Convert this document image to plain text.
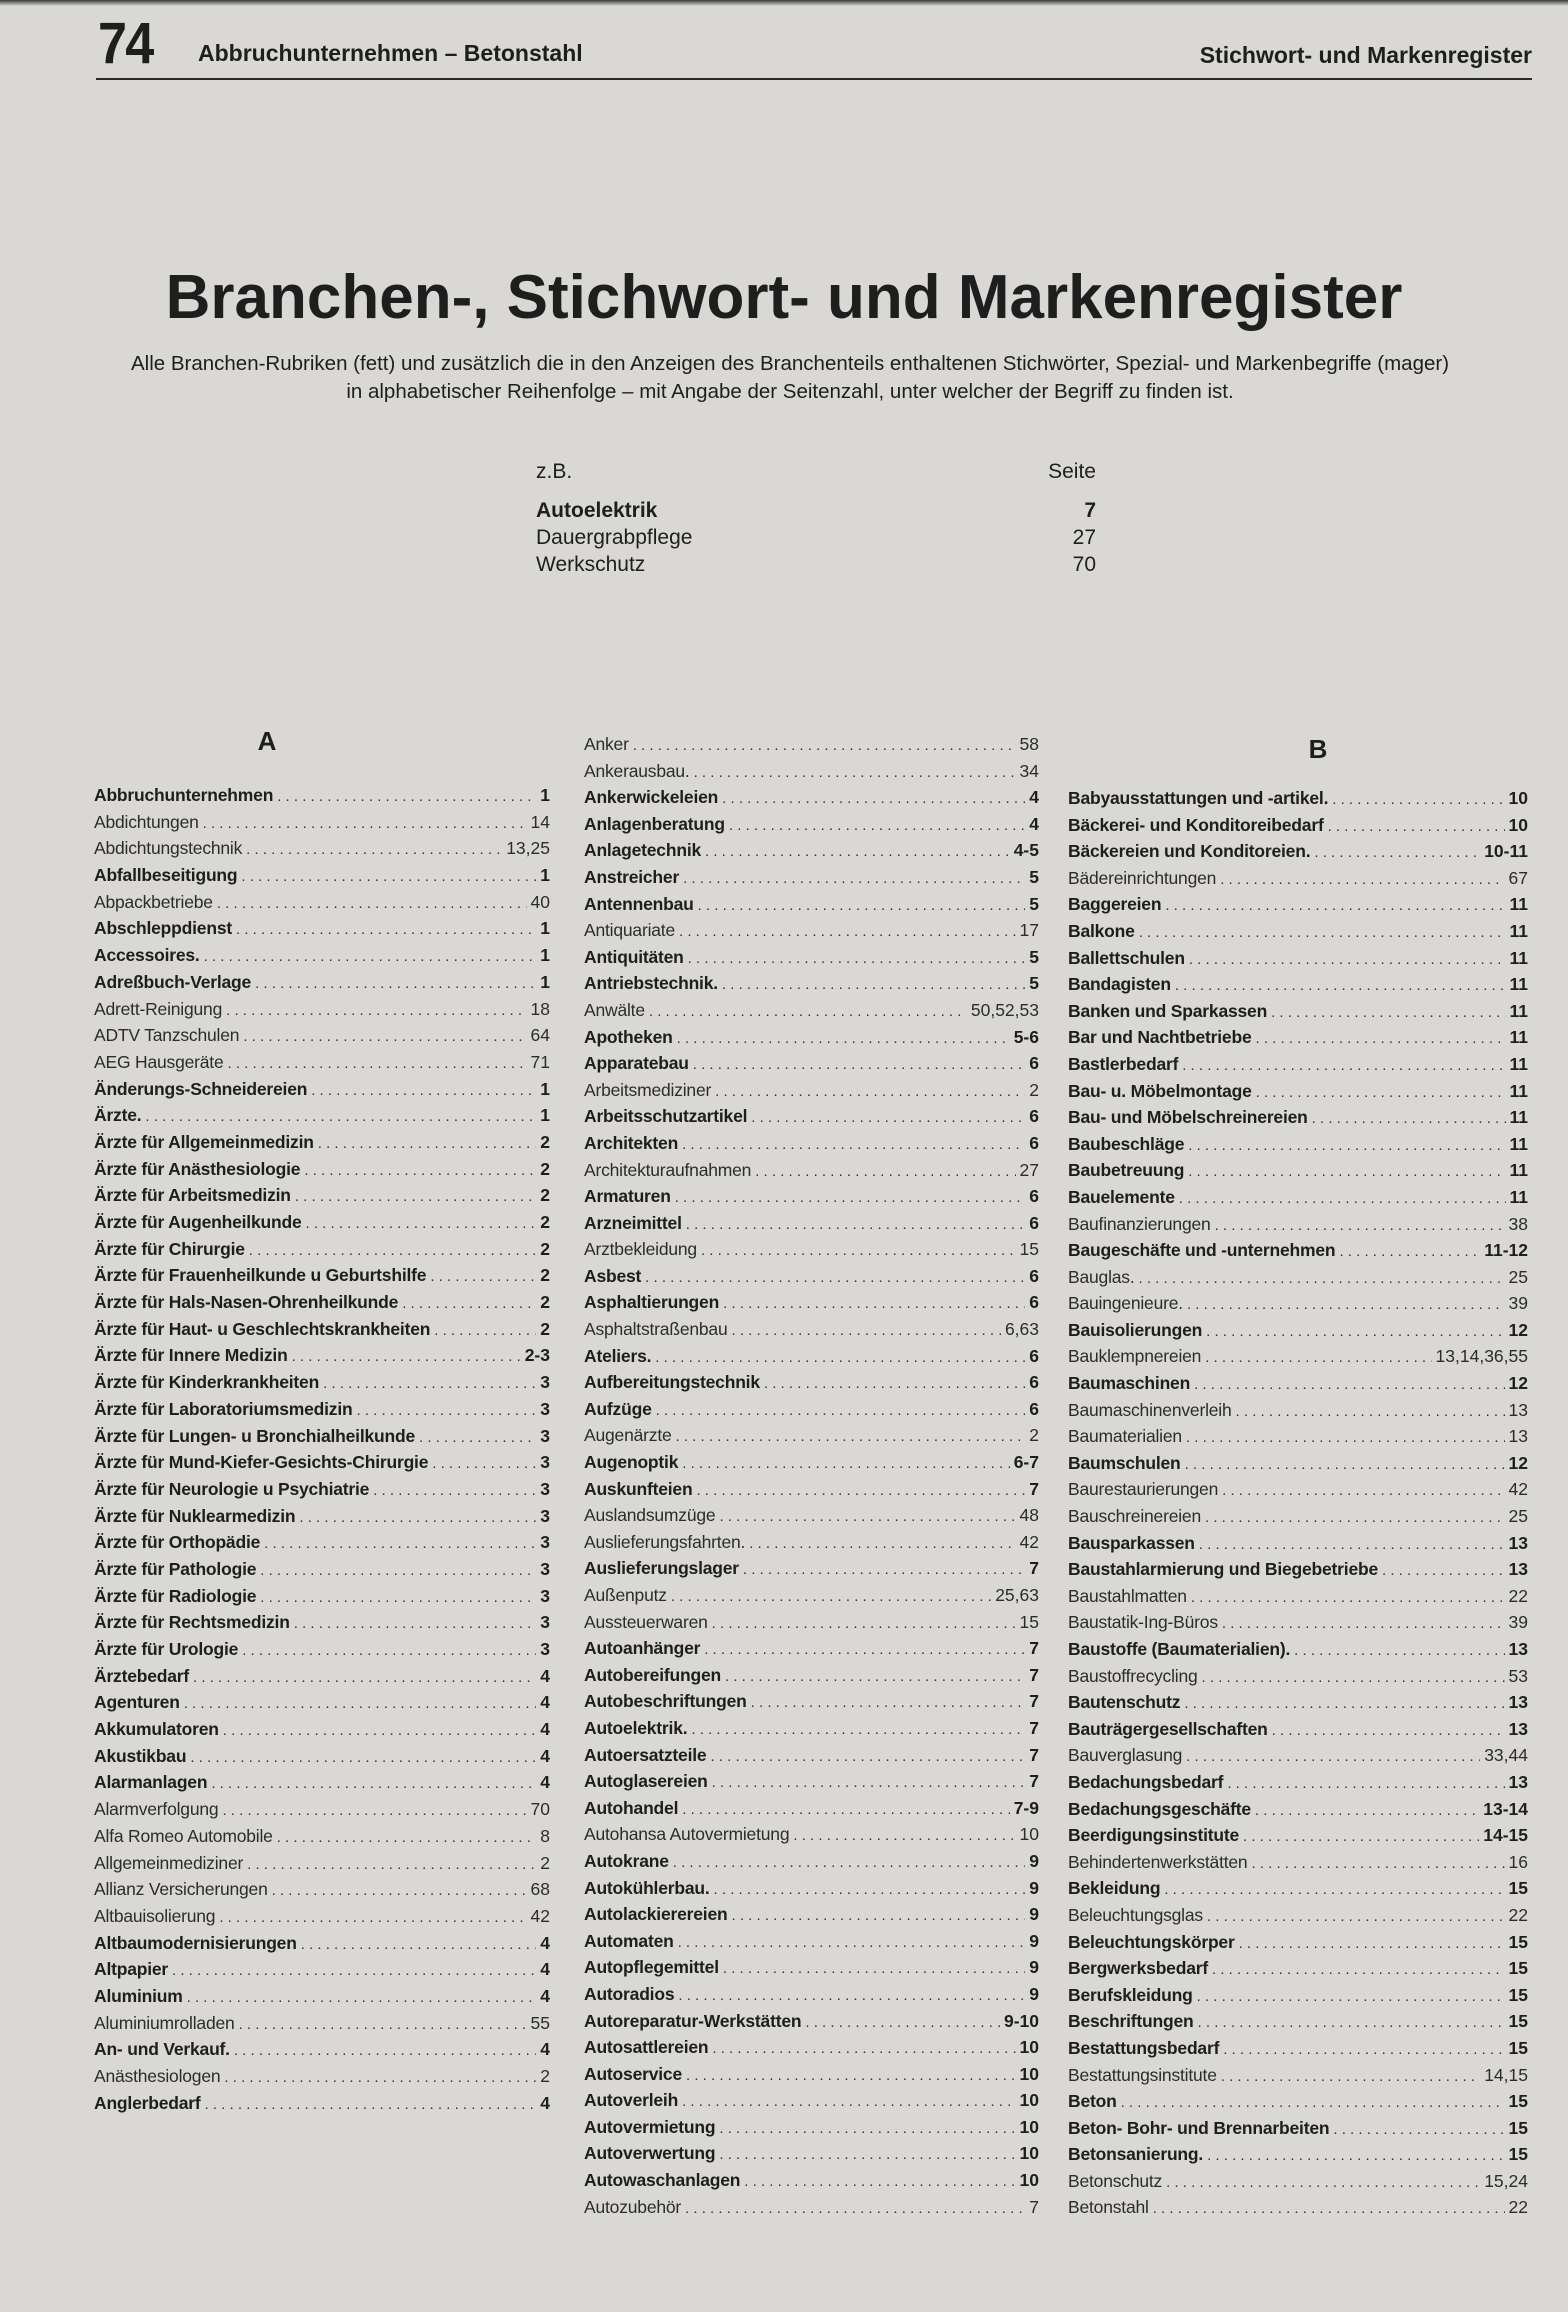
74 Abbruchunternehmen – Betonstahl	Stichwort- und Markenregister
Branchen-, Stichwort- und Markenregister
Alle Branchen-Rubriken (fett) und zusätzlich die in den Anzeigen des Branchenteils enthaltenen Stichwörter, Spezial- und Markenbegriffe (mager)
in alphabetischer Reihenfolge – mit Angabe der Seitenzahl, unter welcher der Begriff zu finden ist.
z.B.	Seite
Autoelektrik	7
Dauergrabpflege	27
Werkschutz	70
A
Abbruchunternehmen . . .	1
Abdichtungen . . .	14
Abdichtungstechnik . . .	13,25
Abfallbeseitigung . . .	1
Abpackbetriebe . . .	40
Abschleppdienst . . .	1
Accessoires. . . .	1
Adreßbuch-Verlage . . .	1
Adrett-Reinigung . . .	18
ADTV Tanzschulen . . .	64
AEG Hausgeräte . . .	71
Änderungs-Schneidereien . . .	1
Ärzte. . . .	1
Ärzte für Allgemeinmedizin . . .	2
Ärzte für Anästhesiologie . . .	2
Ärzte für Arbeitsmedizin . . .	2
Ärzte für Augenheilkunde . . .	2
Ärzte für Chirurgie . . .	2
Ärzte für Frauenheilkunde u Geburtshilfe . . .	2
Ärzte für Hals-Nasen-Ohrenheilkunde . . .	2
Ärzte für Haut- u Geschlechtskrankheiten . . .	2
Ärzte für Innere Medizin . . .	2-3
Ärzte für Kinderkrankheiten . . .	3
Ärzte für Laboratoriumsmedizin . . .	3
Ärzte für Lungen- u Bronchialheilkunde . . .	3
Ärzte für Mund-Kiefer-Gesichts-Chirurgie . . .	3
Ärzte für Neurologie u Psychiatrie . . .	3
Ärzte für Nuklearmedizin . . .	3
Ärzte für Orthopädie . . .	3
Ärzte für Pathologie . . .	3
Ärzte für Radiologie . . .	3
Ärzte für Rechtsmedizin . . .	3
Ärzte für Urologie . . .	3
Ärztebedarf . . .	4
Agenturen . . .	4
Akkumulatoren . . .	4
Akustikbau . . .	4
Alarmanlagen . . .	4
Alarmverfolgung . . .	70
Alfa Romeo Automobile . . .	8
Allgemeinmediziner . . .	2
Allianz Versicherungen . . .	68
Altbauisolierung . . .	42
Altbaumodernisierungen . . .	4
Altpapier . . .	4
Aluminium . . .	4
Aluminiumrolladen . . .	55
An- und Verkauf. . . .	4
Anästhesiologen . . .	2
Anglerbedarf . . .	4
Anker . . .	58
Ankerausbau. . . .	34
Ankerwickeleien . . .	4
Anlagenberatung . . .	4
Anlagetechnik . . .	4-5
Anstreicher . . .	5
Antennenbau . . .	5
Antiquariate . . .	17
Antiquitäten . . .	5
Antriebstechnik. . . .	5
Anwälte . . .	50,52,53
Apotheken . . .	5-6
Apparatebau . . .	6
Arbeitsmediziner . . .	2
Arbeitsschutzartikel . . .	6
Architekten . . .	6
Architekturaufnahmen . . .	27
Armaturen . . .	6
Arzneimittel . . .	6
Arztbekleidung . . .	15
Asbest . . .	6
Asphaltierungen . . .	6
Asphaltstraßenbau . . .	6,63
Ateliers. . . .	6
Aufbereitungstechnik . . .	6
Aufzüge . . .	6
Augenärzte . . .	2
Augenoptik . . .	6-7
Auskunfteien . . .	7
Auslandsumzüge . . .	48
Auslieferungsfahrten. . . .	42
Auslieferungslager . . .	7
Außenputz . . .	25,63
Aussteuerwaren . . .	15
Autoanhänger . . .	7
Autobereifungen . . .	7
Autobeschriftungen . . .	7
Autoelektrik. . . .	7
Autoersatzteile . . .	7
Autoglasereien . . .	7
Autohandel . . .	7-9
Autohansa Autovermietung . . .	10
Autokrane . . .	9
Autokühlerbau. . . .	9
Autolackierereien . . .	9
Automaten . . .	9
Autopflegemittel . . .	9
Autoradios . . .	9
Autoreparatur-Werkstätten . . .	9-10
Autosattlereien . . .	10
Autoservice . . .	10
Autoverleih . . .	10
Autovermietung . . .	10
Autoverwertung . . .	10
Autowaschanlagen . . .	10
Autozubehör . . .	7
B
Babyausstattungen und -artikel. . . .	10
Bäckerei- und Konditoreibedarf . . .	10
Bäckereien und Konditoreien. . . .	10-11
Bädereinrichtungen . . .	67
Baggereien . . .	11
Balkone . . .	11
Ballettschulen . . .	11
Bandagisten . . .	11
Banken und Sparkassen . . .	11
Bar und Nachtbetriebe . . .	11
Bastlerbedarf . . .	11
Bau- u. Möbelmontage . . .	11
Bau- und Möbelschreinereien . . .	11
Baubeschläge . . .	11
Baubetreuung . . .	11
Bauelemente . . .	11
Baufinanzierungen . . .	38
Baugeschäfte und -unternehmen . . .	11-12
Bauglas. . . .	25
Bauingenieure. . . .	39
Bauisolierungen . . .	12
Bauklempnereien . . .	13,14,36,55
Baumaschinen . . .	12
Baumaschinenverleih . . .	13
Baumaterialien . . .	13
Baumschulen . . .	12
Baurestaurierungen . . .	42
Bauschreinereien . . .	25
Bausparkassen . . .	13
Baustahlarmierung und Biegebetriebe . . .	13
Baustahlmatten . . .	22
Baustatik-Ing-Büros . . .	39
Baustoffe (Baumaterialien). . . .	13
Baustoffrecycling . . .	53
Bautenschutz . . .	13
Bauträgergesellschaften . . .	13
Bauverglasung . . .	33,44
Bedachungsbedarf . . .	13
Bedachungsgeschäfte . . .	13-14
Beerdigungsinstitute . . .	14-15
Behindertenwerkstätten . . .	16
Bekleidung . . .	15
Beleuchtungsglas . . .	22
Beleuchtungskörper . . .	15
Bergwerksbedarf . . .	15
Berufskleidung . . .	15
Beschriftungen . . .	15
Bestattungsbedarf . . .	15
Bestattungsinstitute . . .	14,15
Beton . . .	15
Beton- Bohr- und Brennarbeiten . . .	15
Betonsanierung. . . .	15
Betonschutz . . .	15,24
Betonstahl . . .	22
